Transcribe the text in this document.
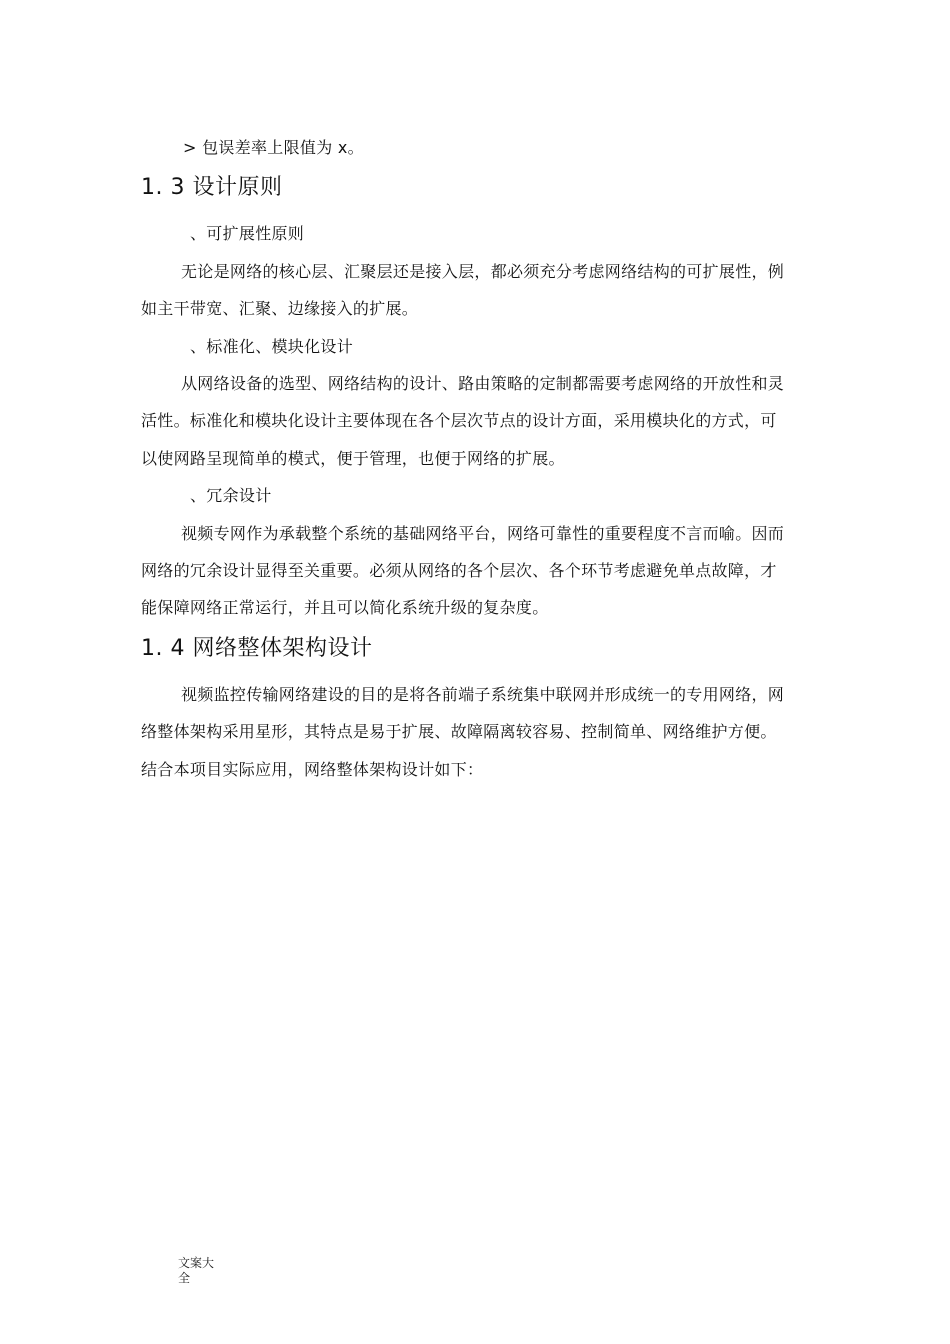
> 包误差率上限值为 x。
1. 3 设计原则
、可扩展性原则
无论是网络的核心层、汇聚层还是接入层，都必须充分考虑网络结构的可扩展性，例
如主干带宽、汇聚、边缘接入的扩展。
、标准化、模块化设计
从网络设备的选型、网络结构的设计、路由策略的定制都需要考虑网络的开放性和灵
活性。标准化和模块化设计主要体现在各个层次节点的设计方面，采用模块化的方式，可
以使网路呈现简单的模式，便于管理，也便于网络的扩展。
、冗余设计
视频专网作为承载整个系统的基础网络平台，网络可靠性的重要程度不言而喻。因而
网络的冗余设计显得至关重要。必须从网络的各个层次、各个环节考虑避免单点故障，才
能保障网络正常运行，并且可以简化系统升级的复杂度。
1. 4 网络整体架构设计
视频监控传输网络建设的目的是将各前端子系统集中联网并形成统一的专用网络，网
络整体架构采用星形，其特点是易于扩展、故障隔离较容易、控制简单、网络维护方便。
结合本项目实际应用，网络整体架构设计如下：
文案大
全
